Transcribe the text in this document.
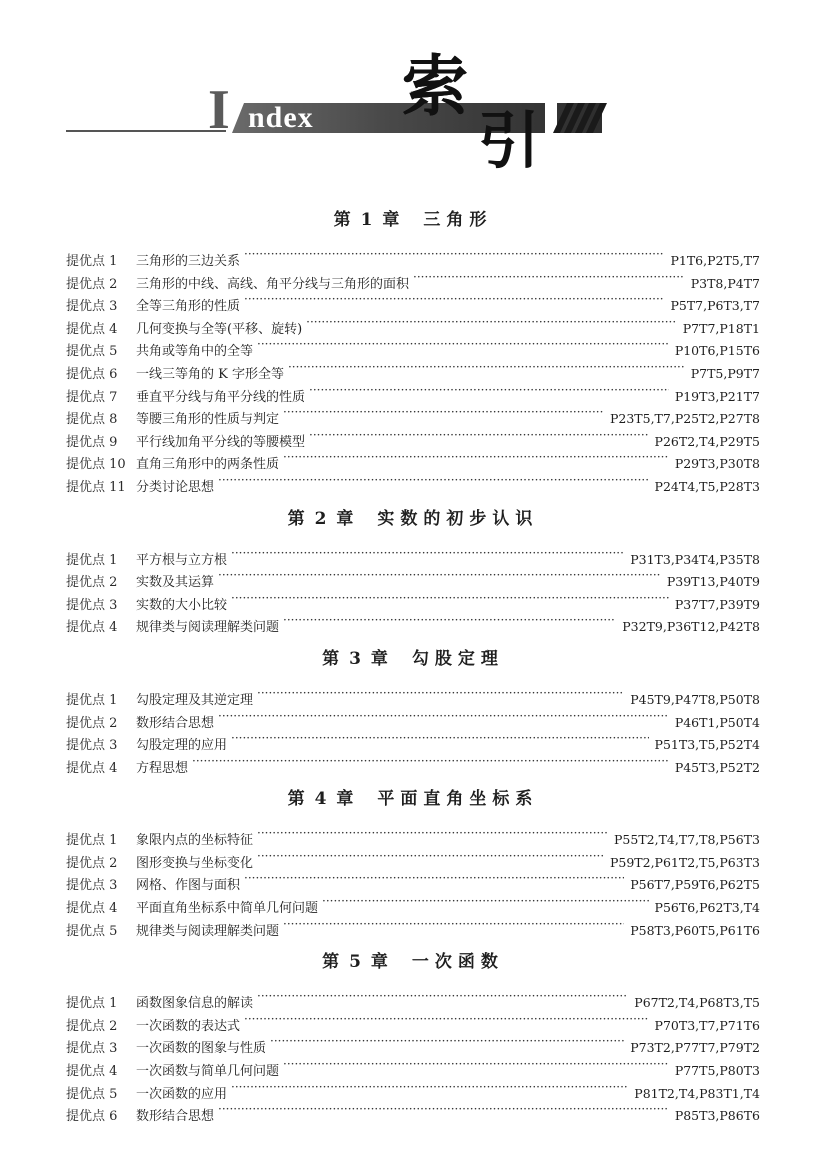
I ndex 索
引
第 1 章 三角形
提优点 1	三角形的三边关系 ·····	P1T6,P2T5,T7
提优点 2	三角形的中线、高线、角平分线与三角形的面积 ·····	P3T8,P4T7
提优点 3	全等三角形的性质 ·····	P5T7,P6T3,T7
提优点 4	几何变换与全等(平移、旋转) ·····	P7T7,P18T1
提优点 5	共角或等角中的全等 ·····	P10T6,P15T6
提优点 6	一线三等角的 K 字形全等 ·····	P7T5,P9T7
提优点 7	垂直平分线与角平分线的性质 ·····	P19T3,P21T7
提优点 8	等腰三角形的性质与判定 ·····	P23T5,T7,P25T2,P27T8
提优点 9	平行线加角平分线的等腰模型 ·····	P26T2,T4,P29T5
提优点 10 直角三角形中的两条性质 ·····	P29T3,P30T8
提优点 11 分类讨论思想 ·····	P24T4,T5,P28T3
第 2 章 实数的初步认识
提优点 1	平方根与立方根 ·····	P31T3,P34T4,P35T8
提优点 2	实数及其运算 ·····	P39T13,P40T9
提优点 3	实数的大小比较 ·····	P37T7,P39T9
提优点 4	规律类与阅读理解类问题 ·····	P32T9,P36T12,P42T8
第 3 章 勾股定理
提优点 1	勾股定理及其逆定理 ·····	P45T9,P47T8,P50T8
提优点 2	数形结合思想 ·····	P46T1,P50T4
提优点 3	勾股定理的应用 ·····	P51T3,T5,P52T4
提优点 4	方程思想 ·····	P45T3,P52T2
第 4 章 平面直角坐标系
提优点 1	象限内点的坐标特征 ·····	P55T2,T4,T7,T8,P56T3
提优点 2	图形变换与坐标变化 ·····	P59T2,P61T2,T5,P63T3
提优点 3	网格、作图与面积 ·····	P56T7,P59T6,P62T5
提优点 4	平面直角坐标系中简单几何问题 ·····	P56T6,P62T3,T4
提优点 5	规律类与阅读理解类问题 ·····	P58T3,P60T5,P61T6
第 5 章 一次函数
提优点 1	函数图象信息的解读 ·····	P67T2,T4,P68T3,T5
提优点 2	一次函数的表达式 ·····	P70T3,T7,P71T6
提优点 3	一次函数的图象与性质 ·····	P73T2,P77T7,P79T2
提优点 4	一次函数与简单几何问题 ·····	P77T5,P80T3
提优点 5	一次函数的应用 ·····	P81T2,T4,P83T1,T4
提优点 6	数形结合思想 ·····	P85T3,P86T6
